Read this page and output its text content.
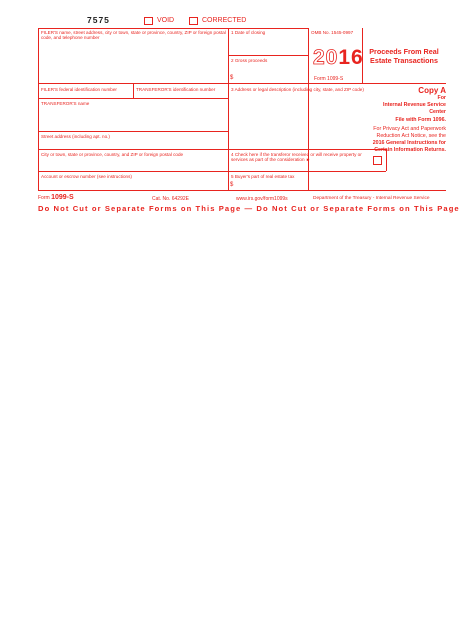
7575	VOID	CORRECTED
FILER'S name, street address, city or town, state or province, country, ZIP or foreign postal code, and telephone number
1 Date of closing
2 Gross proceeds
$
OMB No. 1545-0997
2016
Form 1099-S
Proceeds From Real Estate Transactions
FILER'S federal identification number	TRANSFEROR'S identification number	3 Address or legal description (including city, state, and ZIP code)
TRANSFEROR'S name
Street address (including apt. no.)
City or town, state or province, country, and ZIP or foreign postal code	4 Check here if the transferor received or will receive property or services as part of the consideration ►
Account or escrow number (see instructions)	5 Buyer's part of real estate tax
$
Copy A
For
Internal Revenue Service Center
File with Form 1096.
For Privacy Act and Paperwork Reduction Act Notice, see the
2016 General Instructions for Certain Information Returns.
Form 1099-S	Cat. No. 64292E	www.irs.gov/form1099s	Department of the Treasury - Internal Revenue Service
Do Not Cut or Separate Forms on This Page — Do Not Cut or Separate Forms on This Page
